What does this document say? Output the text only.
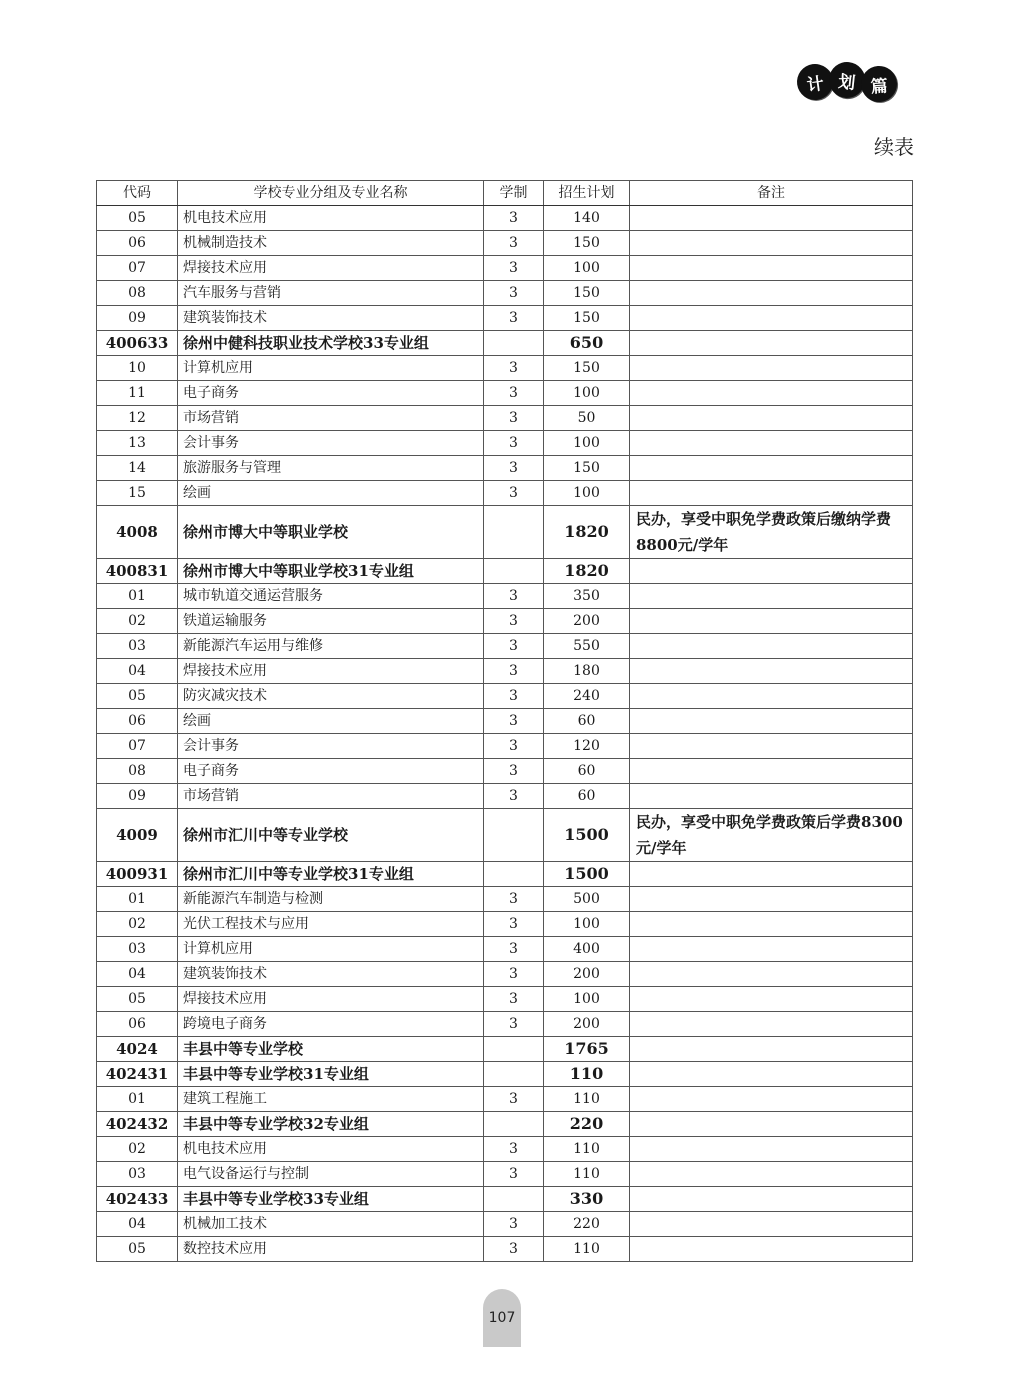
计 划 篇
续表
代码	学校专业分组及专业名称	学制	招生计划	备注
05	机电技术应用	3	140	
06	机械制造技术	3	150	
07	焊接技术应用	3	100	
08	汽车服务与营销	3	150	
09	建筑装饰技术	3	150	
400633	徐州中健科技职业技术学校33专业组		650	
10	计算机应用	3	150	
11	电子商务	3	100	
12	市场营销	3	50	
13	会计事务	3	100	
14	旅游服务与管理	3	150	
15	绘画	3	100	
4008	徐州市博大中等职业学校		1820	民办，享受中职免学费政策后缴纳学费8800元/学年
400831	徐州市博大中等职业学校31专业组		1820	
01	城市轨道交通运营服务	3	350	
02	铁道运输服务	3	200	
03	新能源汽车运用与维修	3	550	
04	焊接技术应用	3	180	
05	防灾减灾技术	3	240	
06	绘画	3	60	
07	会计事务	3	120	
08	电子商务	3	60	
09	市场营销	3	60	
4009	徐州市汇川中等专业学校		1500	民办，享受中职免学费政策后学费8300元/学年
400931	徐州市汇川中等专业学校31专业组		1500	
01	新能源汽车制造与检测	3	500	
02	光伏工程技术与应用	3	100	
03	计算机应用	3	400	
04	建筑装饰技术	3	200	
05	焊接技术应用	3	100	
06	跨境电子商务	3	200	
4024	丰县中等专业学校		1765	
402431	丰县中等专业学校31专业组		110	
01	建筑工程施工	3	110	
402432	丰县中等专业学校32专业组		220	
02	机电技术应用	3	110	
03	电气设备运行与控制	3	110	
402433	丰县中等专业学校33专业组		330	
04	机械加工技术	3	220	
05	数控技术应用	3	110	
107
